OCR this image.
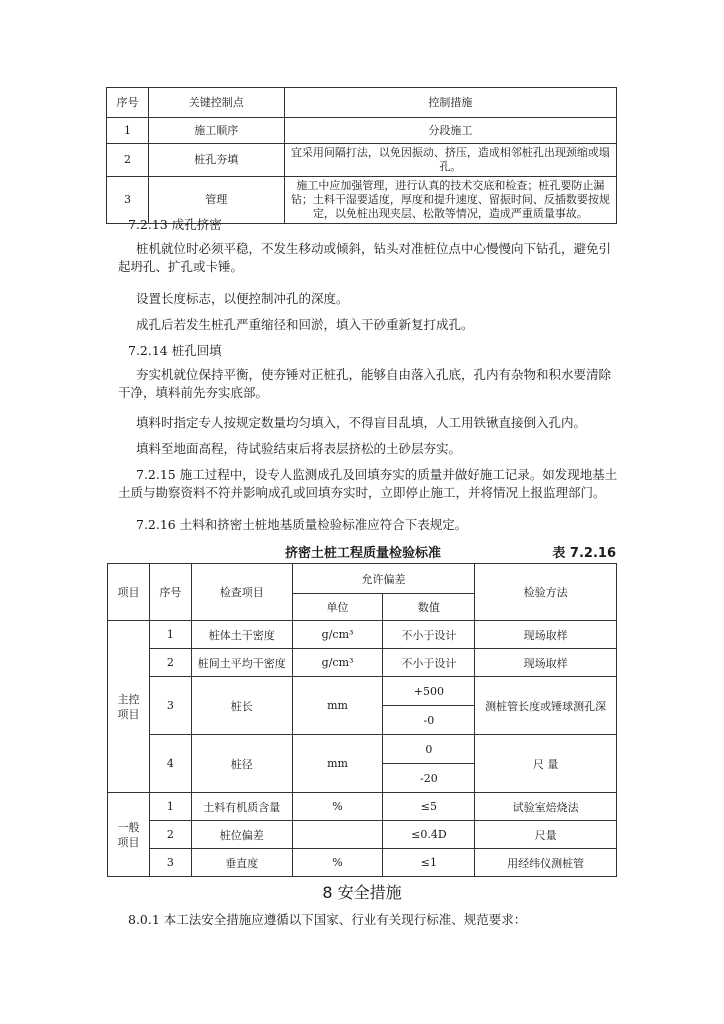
序号	关键控制点	控制措施
1	施工顺序	分段施工
2	桩孔夯填	宜采用间隔打法，以免因振动、挤压，造成相邻桩孔出现颈缩或塌孔。
3	管理	施工中应加强管理，进行认真的技术交底和检查；桩孔要防止漏钻；土料干湿要适度，厚度和提升速度、留振时间、反插数要按规定，以免桩出现夹层、松散等情况，造成严重质量事故。
7.2.13 成孔挤密
桩机就位时必须平稳，不发生移动或倾斜，钻头对准桩位点中心慢慢向下钻孔，避免引起坍孔、扩孔或卡锤。
设置长度标志，以便控制冲孔的深度。
成孔后若发生桩孔严重缩径和回淤，填入干砂重新复打成孔。
7.2.14 桩孔回填
夯实机就位保持平衡，使夯锤对正桩孔，能够自由落入孔底，孔内有杂物和积水要清除干净，填料前先夯实底部。
填料时指定专人按规定数量均匀填入，不得盲目乱填，人工用铁锹直接倒入孔内。
填料至地面高程，待试验结束后将表层挤松的土砂层夯实。
7.2.15 施工过程中，设专人监测成孔及回填夯实的质量并做好施工记录。如发现地基土土质与勘察资料不符并影响成孔或回填夯实时，立即停止施工，并将情况上报监理部门。
7.2.16 土料和挤密土桩地基质量检验标准应符合下表规定。
挤密土桩工程质量检验标准	表 7.2.16
项目	序号	检查项目	允许偏差		检验方法
			单位	数值	
主控
项目	1	桩体土干密度	g/cm³	不小于设计	现场取样
	2	桩间土平均干密度	g/cm³	不小于设计	现场取样
	3	桩长	mm	+500	测桩管长度或锤球测孔深
				-0	
	4	桩径	mm	0	尺 量
				-20	
一般
项目	1	土料有机质含量	%	≤5	试验室焙烧法
	2	桩位偏差		≤0.4D	尺量
	3	垂直度	%	≤1	用经纬仪测桩管
8 安全措施
8.0.1 本工法安全措施应遵循以下国家、行业有关现行标准、规范要求：
